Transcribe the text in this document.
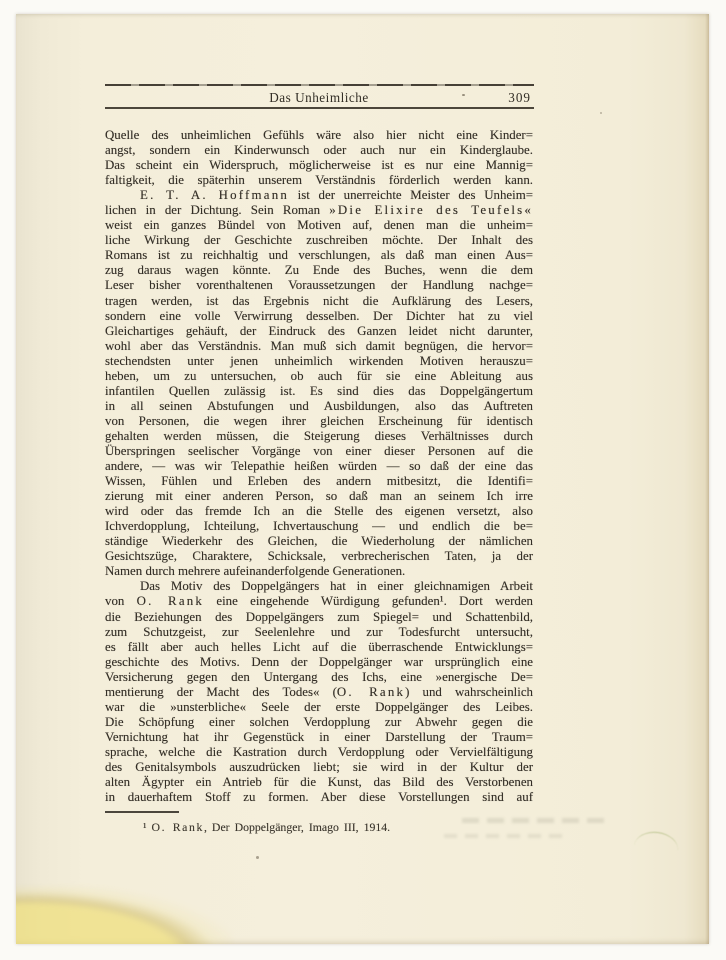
Das Unheimliche	309
Quelle des unheimlichen Gefühls wäre also hier nicht eine Kinder=
angst, sondern ein Kinderwunsch oder auch nur ein Kinderglaube.
Das scheint ein Widerspruch, möglicherweise ist es nur eine Mannig=
faltigkeit, die späterhin unserem Verständnis förderlich werden kann.
E. T. A. Hoffmann ist der unerreichte Meister des Unheim=
lichen in der Dichtung. Sein Roman »Die Elixire des Teufels«
weist ein ganzes Bündel von Motiven auf, denen man die unheim=
liche Wirkung der Geschichte zuschreiben möchte. Der Inhalt des
Romans ist zu reichhaltig und verschlungen, als daß man einen Aus=
zug daraus wagen könnte. Zu Ende des Buches, wenn die dem
Leser bisher vorenthaltenen Voraussetzungen der Handlung nachge=
tragen werden, ist das Ergebnis nicht die Aufklärung des Lesers,
sondern eine volle Verwirrung desselben. Der Dichter hat zu viel
Gleichartiges gehäuft, der Eindruck des Ganzen leidet nicht darunter,
wohl aber das Verständnis. Man muß sich damit begnügen, die hervor=
stechendsten unter jenen unheimlich wirkenden Motiven herauszu=
heben, um zu untersuchen, ob auch für sie eine Ableitung aus
infantilen Quellen zulässig ist. Es sind dies das Doppelgängertum
in all seinen Abstufungen und Ausbildungen, also das Auftreten
von Personen, die wegen ihrer gleichen Erscheinung für identisch
gehalten werden müssen, die Steigerung dieses Verhältnisses durch
Überspringen seelischer Vorgänge von einer dieser Personen auf die
andere, — was wir Telepathie heißen würden — so daß der eine das
Wissen, Fühlen und Erleben des andern mitbesitzt, die Identifi=
zierung mit einer anderen Person, so daß man an seinem Ich irre
wird oder das fremde Ich an die Stelle des eigenen versetzt, also
Ichverdopplung, Ichteilung, Ichvertauschung — und endlich die be=
ständige Wiederkehr des Gleichen, die Wiederholung der nämlichen
Gesichtszüge, Charaktere, Schicksale, verbrecherischen Taten, ja der
Namen durch mehrere aufeinanderfolgende Generationen.
Das Motiv des Doppelgängers hat in einer gleichnamigen Arbeit
von O. Rank eine eingehende Würdigung gefunden¹. Dort werden
die Beziehungen des Doppelgängers zum Spiegel= und Schattenbild,
zum Schutzgeist, zur Seelenlehre und zur Todesfurcht untersucht,
es fällt aber auch helles Licht auf die überraschende Entwicklungs=
geschichte des Motivs. Denn der Doppelgänger war ursprünglich eine
Versicherung gegen den Untergang des Ichs, eine »energische De=
mentierung der Macht des Todes« (O. Rank) und wahrscheinlich
war die »unsterbliche« Seele der erste Doppelgänger des Leibes.
Die Schöpfung einer solchen Verdopplung zur Abwehr gegen die
Vernichtung hat ihr Gegenstück in einer Darstellung der Traum=
sprache, welche die Kastration durch Verdopplung oder Vervielfältigung
des Genitalsymbols auszudrücken liebt; sie wird in der Kultur der
alten Ägypter ein Antrieb für die Kunst, das Bild des Verstorbenen
in dauerhaftem Stoff zu formen. Aber diese Vorstellungen sind auf
¹ O. Rank, Der Doppelgänger, Imago III, 1914.
